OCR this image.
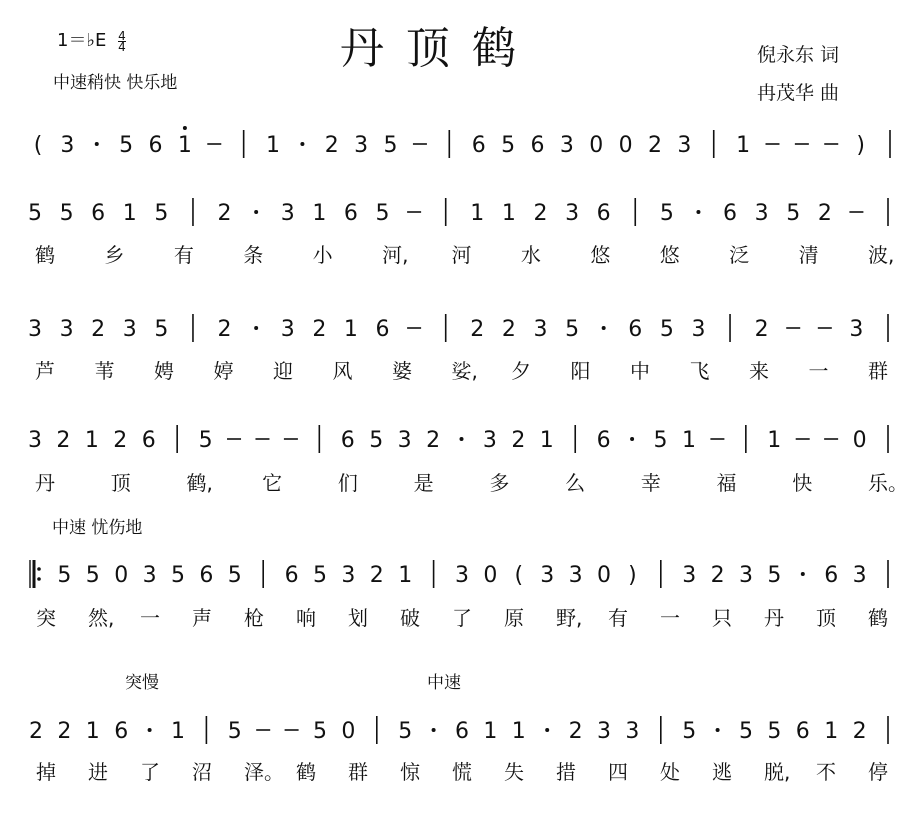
丹顶鹤
1＝♭E $\frac{4}{4}$
中速稍快 快乐地
倪永东 词
冉茂华 曲
( 3 5 6 1	1 2 3 5	6 5 6 3 0 0 2 3 1	)
5 5 6 1 5 2 3 1 6 5	1 1 2 3 6 5 6 3 5 2
鹤 乡 有 条 小 河, 河 水 悠 悠 泛 清 波,
3 3 2 3 5 2 3 2 1 6	2 2 3 5 6 5 3 2	3
芦 苇 娉 婷 迎 风 婆 娑, 夕 阳 中 飞 来 一 群
3 2 1 2 6 5	6 5 3 2 3 2 1 6 5 1	1	0
丹	顶	鹤, 它	们	是	多	么	幸	福	快	乐。
5 5 0 3 5 6 5 6 5 3 2 1 3 0 ( 3 3 0 ) 3 2 3 5 6 3
突 然, 一 声 枪 响 划 破 了 原 野, 有 一 只 丹 顶 鹤
中速 忧伤地
2 2 1 6 1 5	5 0 5 6 1 1 2 3 3 5 5 5 6 1 2
掉 进 了 沼 泽。 鹤 群 惊 慌 失 措 四 处 逃 脱, 不 停
突慢	中速
